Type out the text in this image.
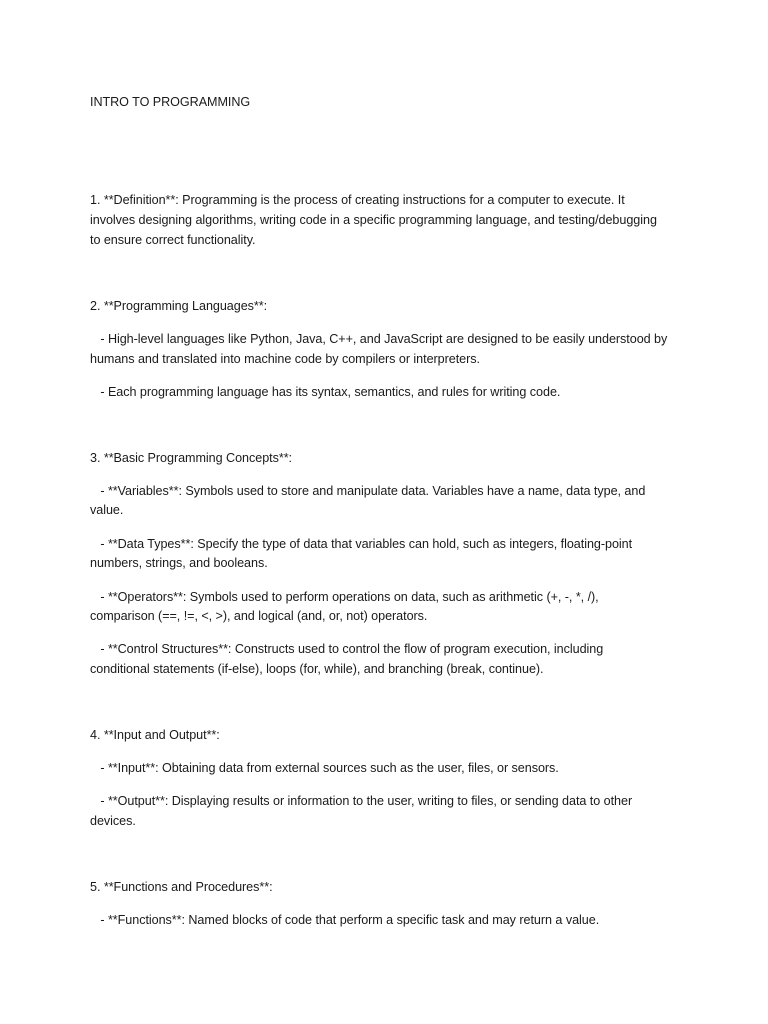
INTRO TO PROGRAMMING
1. **Definition**: Programming is the process of creating instructions for a computer to execute. It
involves designing algorithms, writing code in a specific programming language, and testing/debugging
to ensure correct functionality.
2. **Programming Languages**:
- High-level languages like Python, Java, C++, and JavaScript are designed to be easily understood by
humans and translated into machine code by compilers or interpreters.
- Each programming language has its syntax, semantics, and rules for writing code.
3. **Basic Programming Concepts**:
- **Variables**: Symbols used to store and manipulate data. Variables have a name, data type, and
value.
- **Data Types**: Specify the type of data that variables can hold, such as integers, floating-point
numbers, strings, and booleans.
- **Operators**: Symbols used to perform operations on data, such as arithmetic (+, -, *, /),
comparison (==, !=, <, >), and logical (and, or, not) operators.
- **Control Structures**: Constructs used to control the flow of program execution, including
conditional statements (if-else), loops (for, while), and branching (break, continue).
4. **Input and Output**:
- **Input**: Obtaining data from external sources such as the user, files, or sensors.
- **Output**: Displaying results or information to the user, writing to files, or sending data to other
devices.
5. **Functions and Procedures**:
- **Functions**: Named blocks of code that perform a specific task and may return a value.
